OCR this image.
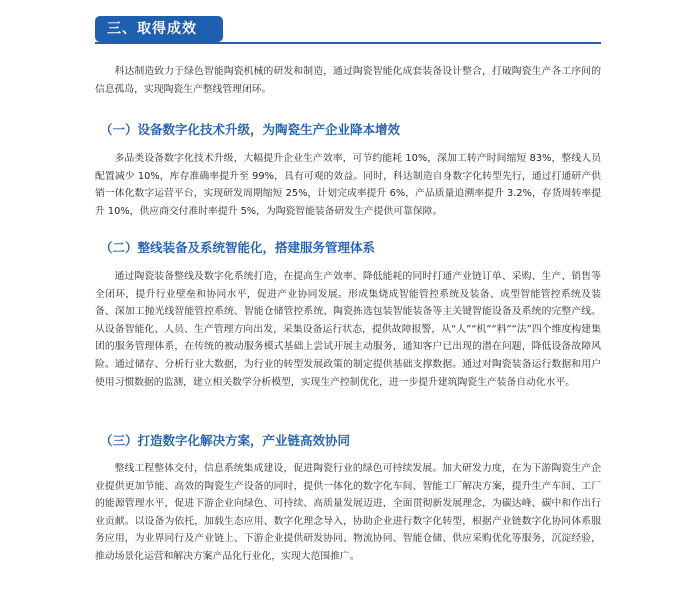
三、取得成效

科达制造致力于绿色智能陶瓷机械的研发和制造，通过陶瓷智能化成套装备设计整合，打破陶瓷生产各工序间的信息孤岛，实现陶瓷生产整线管理闭环。

（一）设备数字化技术升级，为陶瓷生产企业降本增效

多品类设备数字化技术升级，大幅提升企业生产效率，可节约能耗 10%，深加工转产时间缩短 83%，整线人员配置减少 10%，库存准确率提升至 99%，具有可观的效益。同时，科达制造自身数字化转型先行，通过打通研产供销一体化数字运营平台，实现研发周期缩短 25%，计划完成率提升 6%，产品质量追溯率提升 3.2%，存货周转率提升 10%，供应商交付准时率提升 5%，为陶瓷智能装备研发生产提供可靠保障。

（二）整线装备及系统智能化，搭建服务管理体系

通过陶瓷装备整线及数字化系统打造，在提高生产效率、降低能耗的同时打通产业链订单、采购、生产、销售等全闭环，提升行业壁垒和协同水平，促进产业协同发展。形成集烧成智能管控系统及装备、成型智能管控系统及装备、深加工抛光线智能管控系统、智能仓储管控系统、陶瓷拣选包装智能装备等主关键智能设备及系统的完整产线。从设备智能化、人员、生产管理方向出发，采集设备运行状态，提供故障报警，从“人”“机”“料”“法”四个维度构建集团的服务管理体系，在传统的被动服务模式基础上尝试开展主动服务，通知客户已出现的潜在问题，降低设备故障风险。通过储存、分析行业大数据，为行业的转型发展政策的制定提供基础支撑数据。通过对陶瓷装备运行数据和用户使用习惯数据的监测，建立相关数学分析模型，实现生产控制优化，进一步提升建筑陶瓷生产装备自动化水平。

（三）打造数字化解决方案，产业链高效协同

整线工程整体交付，信息系统集成建设，促进陶瓷行业的绿色可持续发展。加大研发力度，在为下游陶瓷生产企业提供更加节能、高效的陶瓷生产设备的同时，提供一体化的数字化车间、智能工厂解决方案，提升生产车间、工厂的能源管理水平，促进下游企业向绿色、可持续、高质量发展迈进，全面贯彻新发展理念，为碳达峰、碳中和作出行业贡献。以设备为依托，加载生态应用、数字化理念导入，协助企业进行数字化转型，根据产业链数字化协同体系服务应用，为业界同行及产业链上、下游企业提供研发协同、物流协同、智能仓储、供应采购优化等服务，沉淀经验，推动场景化运营和解决方案产品化行业化，实现大范围推广。
